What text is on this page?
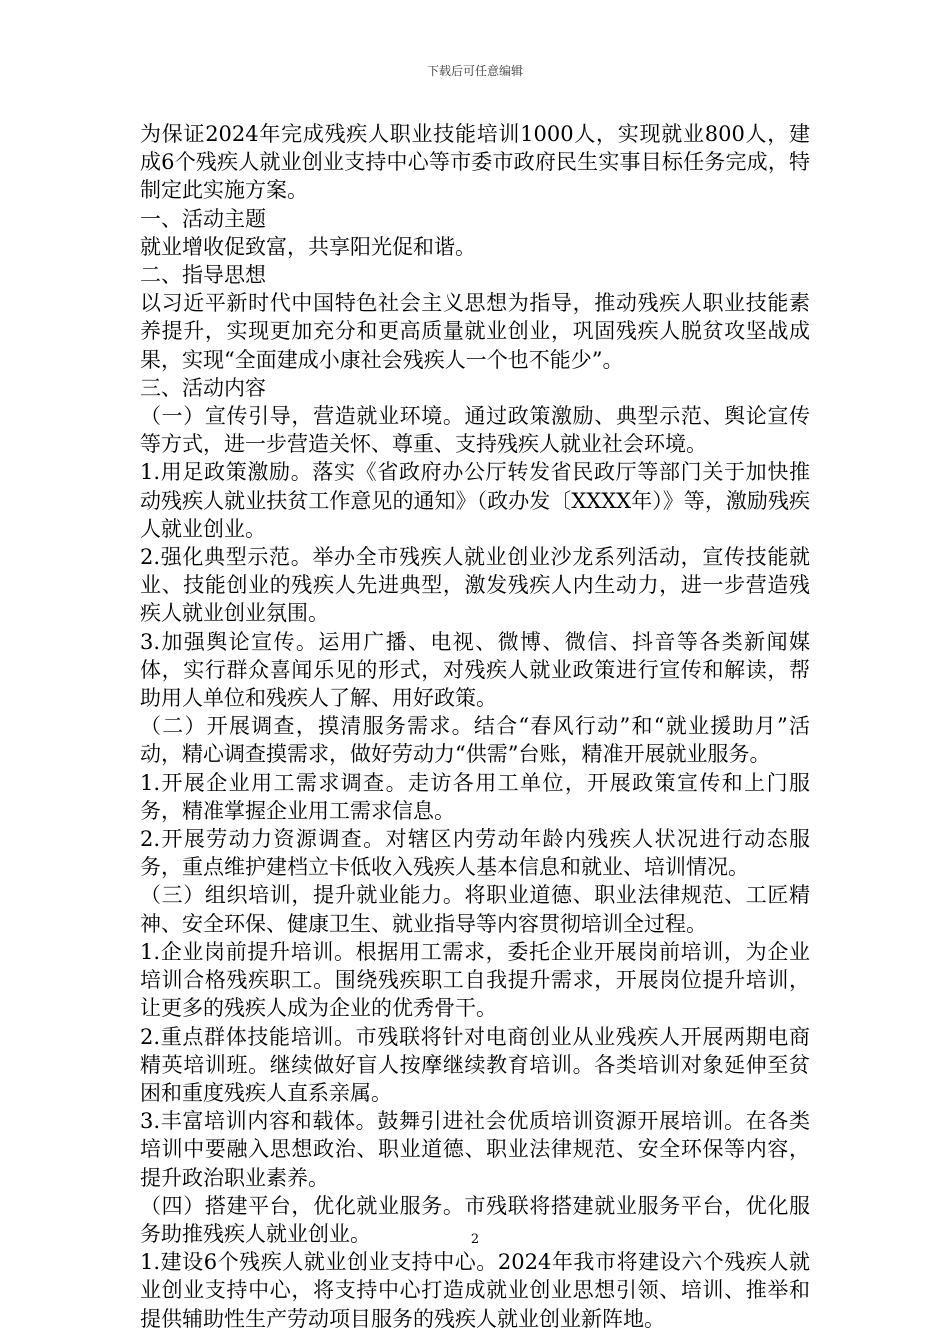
下载后可任意编辑

为保证2024年完成残疾人职业技能培训1000人，实现就业800人，建成6个残疾人就业创业支持中心等市委市政府民生实事目标任务完成，特制定此实施方案。

一、活动主题

就业增收促致富，共享阳光促和谐。

二、指导思想

以习近平新时代中国特色社会主义思想为指导，推动残疾人职业技能素养提升，实现更加充分和更高质量就业创业，巩固残疾人脱贫攻坚战成果，实现“全面建成小康社会残疾人一个也不能少”。

三、活动内容

（一）宣传引导，营造就业环境。通过政策激励、典型示范、舆论宣传等方式，进一步营造关怀、尊重、支持残疾人就业社会环境。

1.用足政策激励。落实《省政府办公厅转发省民政厅等部门关于加快推动残疾人就业扶贫工作意见的通知》（政办发〔XXXX年）》等，激励残疾人就业创业。

2.强化典型示范。举办全市残疾人就业创业沙龙系列活动，宣传技能就业、技能创业的残疾人先进典型，激发残疾人内生动力，进一步营造残疾人就业创业氛围。

3.加强舆论宣传。运用广播、电视、微博、微信、抖音等各类新闻媒体，实行群众喜闻乐见的形式，对残疾人就业政策进行宣传和解读，帮助用人单位和残疾人了解、用好政策。

（二）开展调查，摸清服务需求。结合“春风行动”和“就业援助月”活动，精心调查摸需求，做好劳动力“供需”台账，精准开展就业服务。

1.开展企业用工需求调查。走访各用工单位，开展政策宣传和上门服务，精准掌握企业用工需求信息。

2.开展劳动力资源调查。对辖区内劳动年龄内残疾人状况进行动态服务，重点维护建档立卡低收入残疾人基本信息和就业、培训情况。

（三）组织培训，提升就业能力。将职业道德、职业法律规范、工匠精神、安全环保、健康卫生、就业指导等内容贯彻培训全过程。

1.企业岗前提升培训。根据用工需求，委托企业开展岗前培训，为企业培训合格残疾职工。围绕残疾职工自我提升需求，开展岗位提升培训，让更多的残疾人成为企业的优秀骨干。

2.重点群体技能培训。市残联将针对电商创业从业残疾人开展两期电商精英培训班。继续做好盲人按摩继续教育培训。各类培训对象延伸至贫困和重度残疾人直系亲属。

3.丰富培训内容和载体。鼓舞引进社会优质培训资源开展培训。在各类培训中要融入思想政治、职业道德、职业法律规范、安全环保等内容，提升政治职业素养。

（四）搭建平台，优化就业服务。市残联将搭建就业服务平台，优化服务助推残疾人就业创业。

1.建设6个残疾人就业创业支持中心。2024年我市将建设六个残疾人就业创业支持中心，将支持中心打造成就业创业思想引领、培训、推举和提供辅助性生产劳动项目服务的残疾人就业创业新阵地。

2
